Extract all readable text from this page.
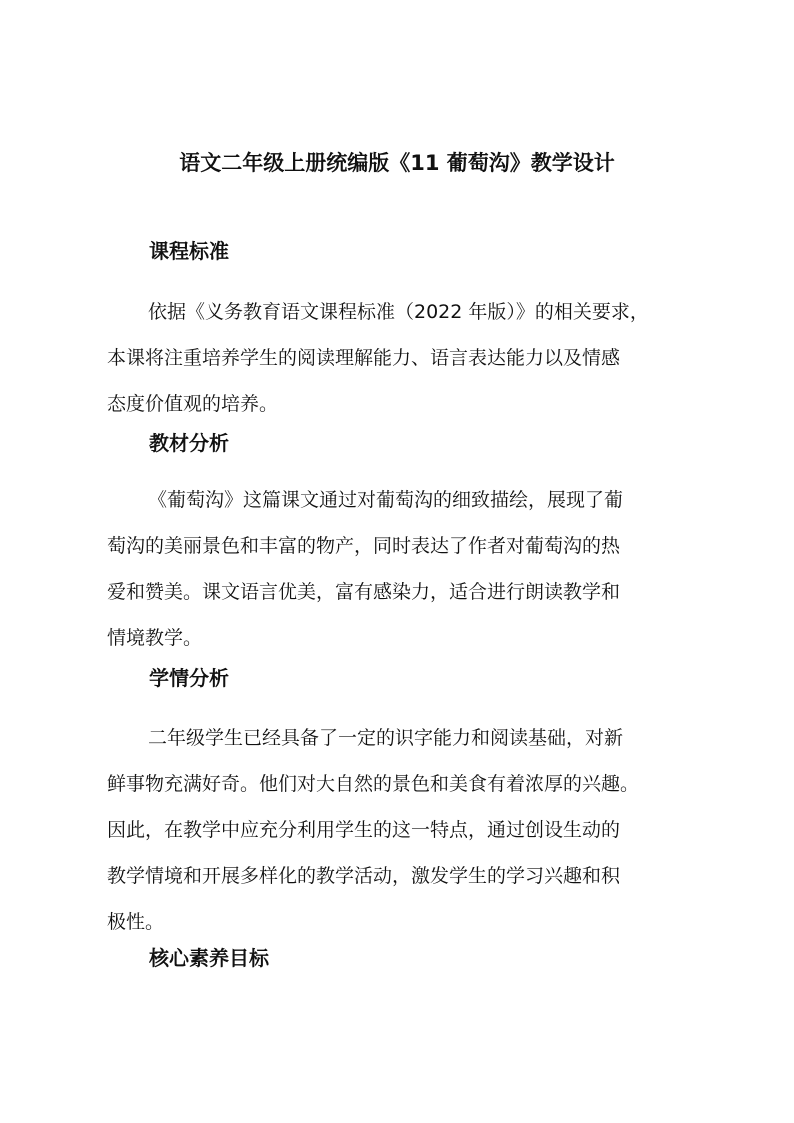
语文二年级上册统编版《11 葡萄沟》教学设计
课程标准
依据《义务教育语文课程标准（2022 年版）》的相关要求，
本课将注重培养学生的阅读理解能力、语言表达能力以及情感
态度价值观的培养。
教材分析
《葡萄沟》这篇课文通过对葡萄沟的细致描绘，展现了葡
萄沟的美丽景色和丰富的物产，同时表达了作者对葡萄沟的热
爱和赞美。课文语言优美，富有感染力，适合进行朗读教学和
情境教学。
学情分析
二年级学生已经具备了一定的识字能力和阅读基础，对新
鲜事物充满好奇。他们对大自然的景色和美食有着浓厚的兴趣。
因此，在教学中应充分利用学生的这一特点，通过创设生动的
教学情境和开展多样化的教学活动，激发学生的学习兴趣和积
极性。
核心素养目标
